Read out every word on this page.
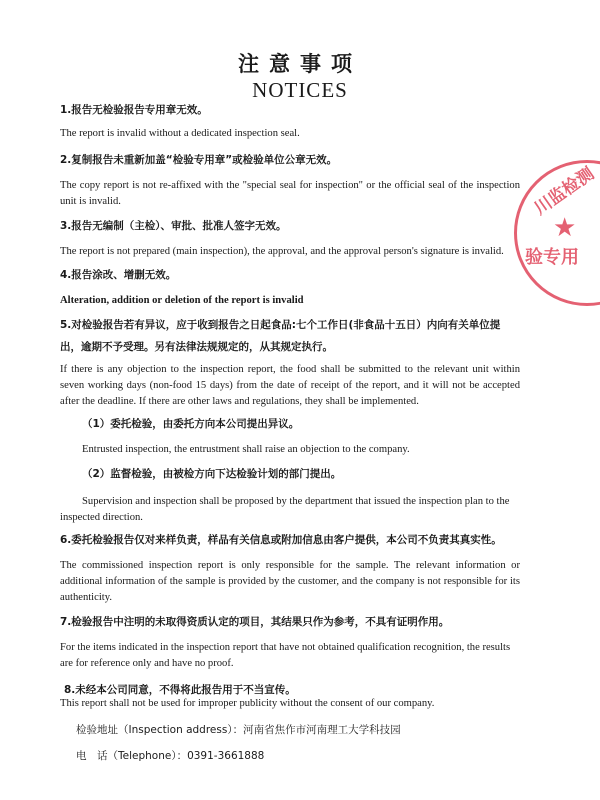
注意事项
NOTICES
1.报告无检验报告专用章无效。
The report is invalid without a dedicated inspection seal.
2.复制报告未重新加盖“检验专用章”或检验单位公章无效。
The copy report is not re-affixed with the "special seal for inspection" or the official seal of the inspection unit is invalid.
3.报告无编制（主检）、审批、批准人签字无效。
The report is not prepared (main inspection), the approval, and the approval person's signature is invalid.
4.报告涂改、增删无效。
Alteration, addition or deletion of the report is invalid
5.对检验报告若有异议，应于收到报告之日起食品:七个工作日(非食品十五日）内向有关单位提出，逾期不予受理。另有法律法规规定的，从其规定执行。
If there is any objection to the inspection report, the food shall be submitted to the relevant unit within seven working days (non-food 15 days) from the date of receipt of the report, and it will not be accepted after the deadline. If there are other laws and regulations, they shall be implemented.
（1）委托检验，由委托方向本公司提出异议。
Entrusted inspection, the entrustment shall raise an objection to the company.
（2）监督检验，由被检方向下达检验计划的部门提出。
Supervision and inspection shall be proposed by the department that issued the inspection plan to the inspected direction.
6.委托检验报告仅对来样负责，样品有关信息或附加信息由客户提供，本公司不负责其真实性。
The commissioned inspection report is only responsible for the sample. The relevant information or additional information of the sample is provided by the customer, and the company is not responsible for its authenticity.
7.检验报告中注明的未取得资质认定的项目，其结果只作为参考，不具有证明作用。
For the items indicated in the inspection report that have not obtained qualification recognition, the results are for reference only and have no proof.
8.未经本公司同意，不得将此报告用于不当宣传。
This report shall not be used for improper publicity without the consent of our company.
检验地址（Inspection address）：河南省焦作市河南理工大学科技园
电　话（Telephone）：0391-3661888
川监检测
★
验专用
